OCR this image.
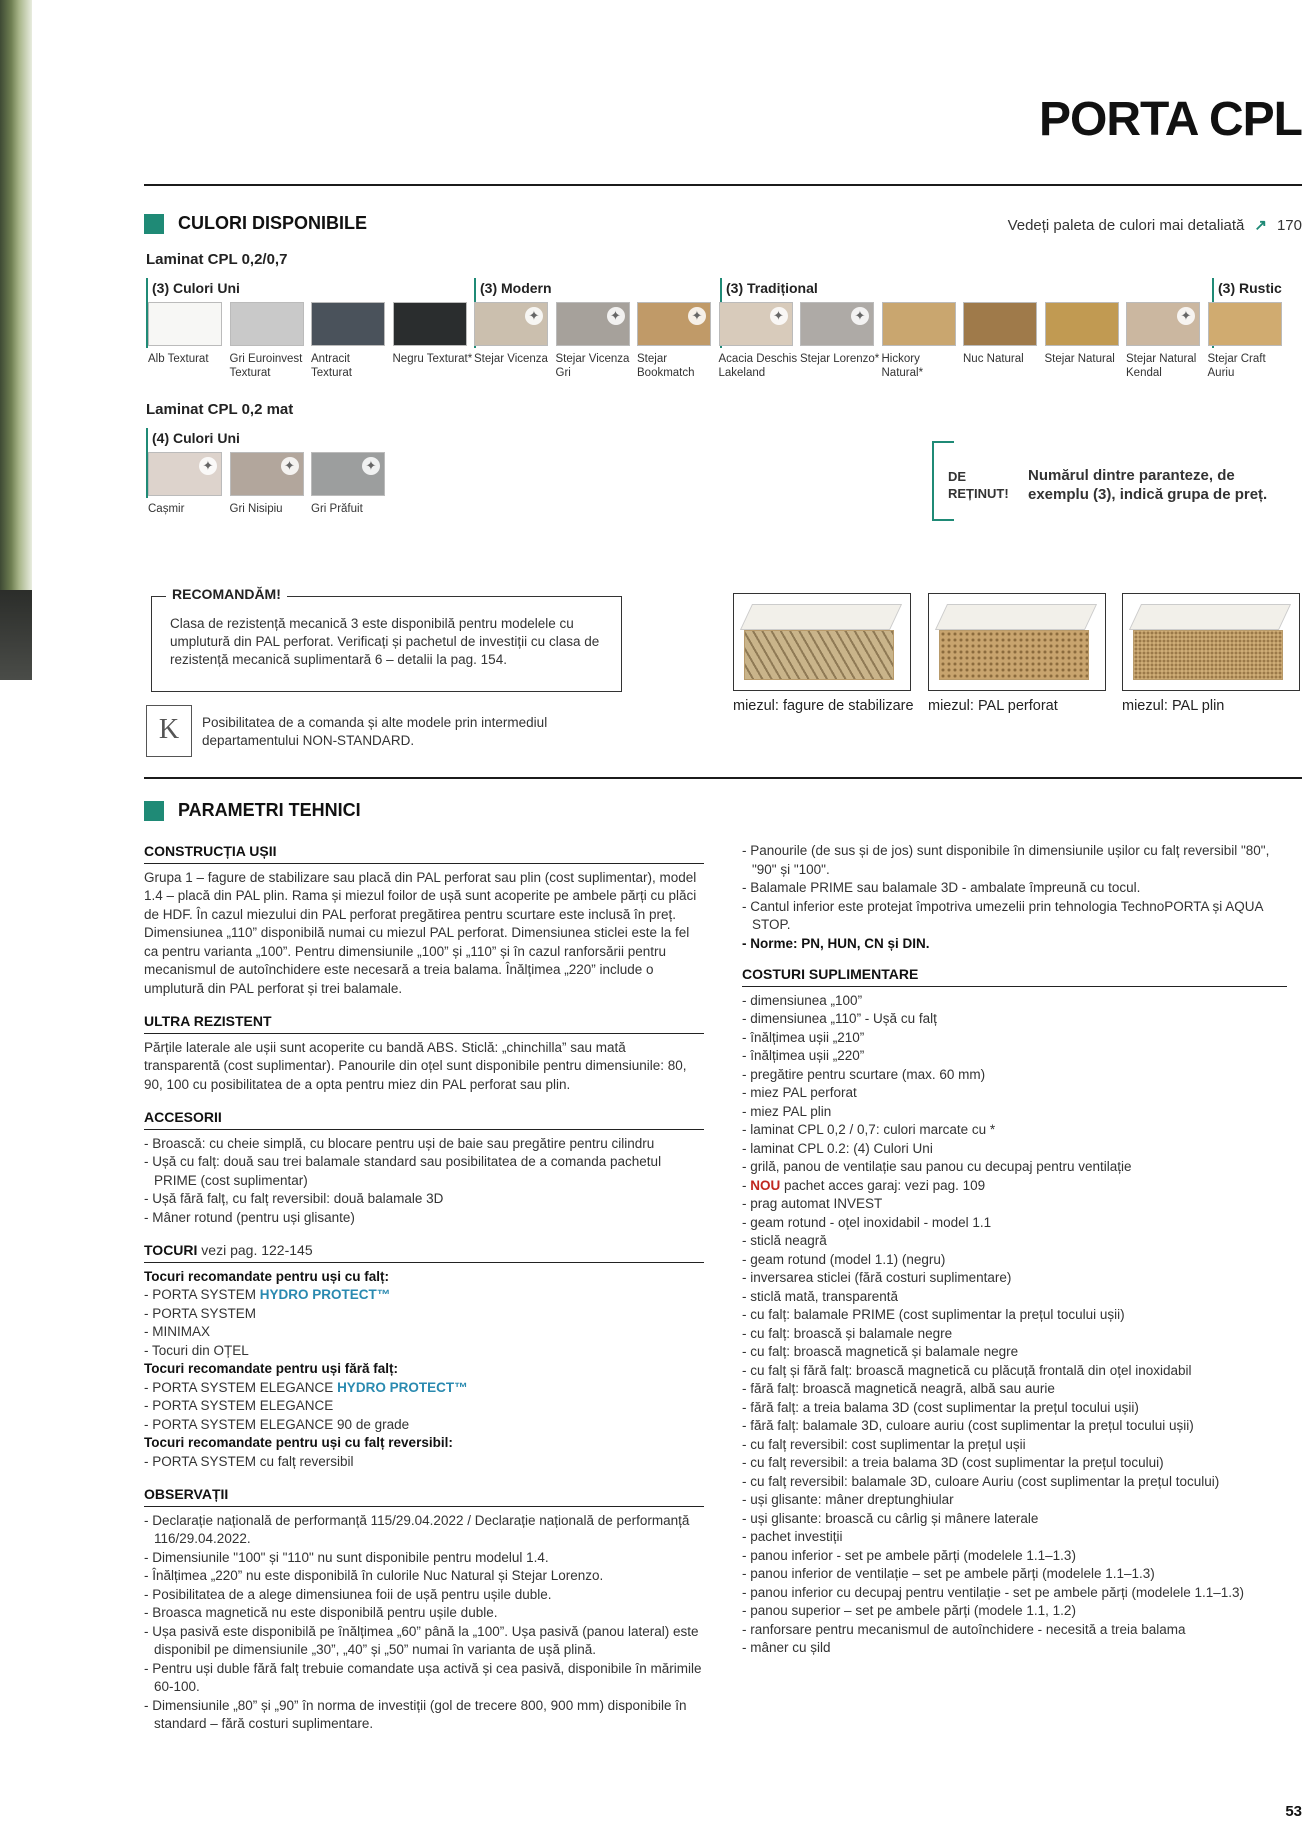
PORTA CPL
CULORI DISPONIBILE	Vedeți paleta de culori mai detaliată ↗ 170
Laminat CPL 0,2/0,7
(3) Culori Uni	(3) Modern	(3) Tradițional	(3) Rustic
Alb Texturat	Gri Euroinvest Texturat
Antracit Texturat
Negru Texturat*
✦
Stejar Vicenza
✦
Stejar Vicenza Gri
✦
Stejar Bookmatch
✦
Acacia Deschis Lakeland
✦
Stejar Lorenzo* Hickory Natural*
Nuc Natural	Stejar Natural
✦
Stejar Natural Kendal
Stejar Craft Auriu
Laminat CPL 0,2 mat
(4) Culori Uni
✦
Cașmir
✦
Gri Nisipiu
✦
Gri Prăfuit
DE REȚINUT!
Numărul dintre paranteze, de exemplu (3), indică grupa de preț.
RECOMANDĂM!
Clasa de rezistență mecanică 3 este disponibilă pentru modelele cu umplutură din PAL perforat. Verificați și pachetul de investiții cu clasa de rezistență mecanică suplimentară 6 – detalii la pag. 154.
K	Posibilitatea de a comanda și alte modele prin intermediul departamentului NON-STANDARD.
miezul: fagure de stabilizare miezul: PAL perforat	miezul: PAL plin
PARAMETRI TEHNICI
CONSTRUCȚIA UȘII
Grupa 1 – fagure de stabilizare sau placă din PAL perforat sau plin (cost suplimentar), model 1.4 – placă din PAL plin. Rama și miezul foilor de ușă sunt acoperite pe ambele părți cu plăci de HDF. În cazul miezului din PAL perforat pregătirea pentru scurtare este inclusă în preț. Dimensiunea „110” disponibilă numai cu miezul PAL perforat. Dimensiunea sticlei este la fel ca pentru varianta „100”. Pentru dimensiunile „100” și „110” și în cazul ranforsării pentru mecanismul de autoînchidere este necesară a treia balama. Înălțimea „220” include o umplutură din PAL perforat și trei balamale.
ULTRA REZISTENT
Părțile laterale ale ușii sunt acoperite cu bandă ABS. Sticlă: „chinchilla” sau mată transparentă (cost suplimentar). Panourile din oțel sunt disponibile pentru dimensiunile: 80, 90, 100 cu posibilitatea de a opta pentru miez din PAL perforat sau plin.
ACCESORII
- Broască: cu cheie simplă, cu blocare pentru uși de baie sau pregătire pentru cilindru
- Ușă cu falț: două sau trei balamale standard sau posibilitatea de a comanda pachetul PRIME (cost suplimentar)
- Ușă fără falț, cu falț reversibil: două balamale 3D
- Mâner rotund (pentru uși glisante)
TOCURI vezi pag. 122-145
Tocuri recomandate pentru uși cu falț:
- PORTA SYSTEM HYDRO PROTECT™
- PORTA SYSTEM
- MINIMAX
- Tocuri din OȚEL
Tocuri recomandate pentru uși fără falț:
- PORTA SYSTEM ELEGANCE HYDRO PROTECT™
- PORTA SYSTEM ELEGANCE
- PORTA SYSTEM ELEGANCE 90 de grade
Tocuri recomandate pentru uși cu falț reversibil:
- PORTA SYSTEM cu falț reversibil
OBSERVAȚII
- Declarație națională de performanță 115/29.04.2022 / Declarație națională de performanță 116/29.04.2022.
- Dimensiunile "100" și "110" nu sunt disponibile pentru modelul 1.4.
- Înălțimea „220” nu este disponibilă în culorile Nuc Natural și Stejar Lorenzo.
- Posibilitatea de a alege dimensiunea foii de ușă pentru ușile duble.
- Broasca magnetică nu este disponibilă pentru ușile duble.
- Ușa pasivă este disponibilă pe înălțimea „60” până la „100”. Ușa pasivă (panou lateral) este disponibil pe dimensiunile „30”, „40” și „50” numai în varianta de ușă plină.
- Pentru uși duble fără falț trebuie comandate ușa activă și cea pasivă, disponibile în mărimile 60-100.
- Dimensiunile „80” și „90” în norma de investiții (gol de trecere 800, 900 mm) disponibile în standard – fără costuri suplimentare.
- Panourile (de sus și de jos) sunt disponibile în dimensiunile ușilor cu falț reversibil "80", "90" și "100".
- Balamale PRIME sau balamale 3D - ambalate împreună cu tocul.
- Cantul inferior este protejat împotriva umezelii prin tehnologia TechnoPORTA și AQUA STOP.
- Norme: PN, HUN, CN și DIN.
COSTURI SUPLIMENTARE
- dimensiunea „100”
- dimensiunea „110” - Ușă cu falț
- înălțimea ușii „210”
- înălțimea ușii „220”
- pregătire pentru scurtare (max. 60 mm)
- miez PAL perforat
- miez PAL plin
- laminat CPL 0,2 / 0,7: culori marcate cu *
- laminat CPL 0.2: (4) Culori Uni
- grilă, panou de ventilație sau panou cu decupaj pentru ventilație
- NOU pachet acces garaj: vezi pag. 109
- prag automat INVEST
- geam rotund - oțel inoxidabil - model 1.1
- sticlă neagră
- geam rotund (model 1.1) (negru)
- inversarea sticlei (fără costuri suplimentare)
- sticlă mată, transparentă
- cu falț: balamale PRIME (cost suplimentar la prețul tocului ușii)
- cu falț: broască și balamale negre
- cu falț: broască magnetică și balamale negre
- cu falț și fără falț: broască magnetică cu plăcuță frontală din oțel inoxidabil
- fără falț: broască magnetică neagră, albă sau aurie
- fără falț: a treia balama 3D (cost suplimentar la prețul tocului ușii)
- fără falț: balamale 3D, culoare auriu (cost suplimentar la prețul tocului ușii)
- cu falț reversibil: cost suplimentar la prețul ușii
- cu falț reversibil: a treia balama 3D (cost suplimentar la prețul tocului)
- cu falț reversibil: balamale 3D, culoare Auriu (cost suplimentar la prețul tocului)
- uși glisante: mâner dreptunghiular
- uși glisante: broască cu cârlig și mânere laterale
- pachet investiții
- panou inferior - set pe ambele părți (modelele 1.1–1.3)
- panou inferior de ventilație – set pe ambele părți (modelele 1.1–1.3)
- panou inferior cu decupaj pentru ventilație - set pe ambele părți (modelele 1.1–1.3)
- panou superior – set pe ambele părți (modele 1.1, 1.2)
- ranforsare pentru mecanismul de autoînchidere - necesită a treia balama
- mâner cu șild
53
